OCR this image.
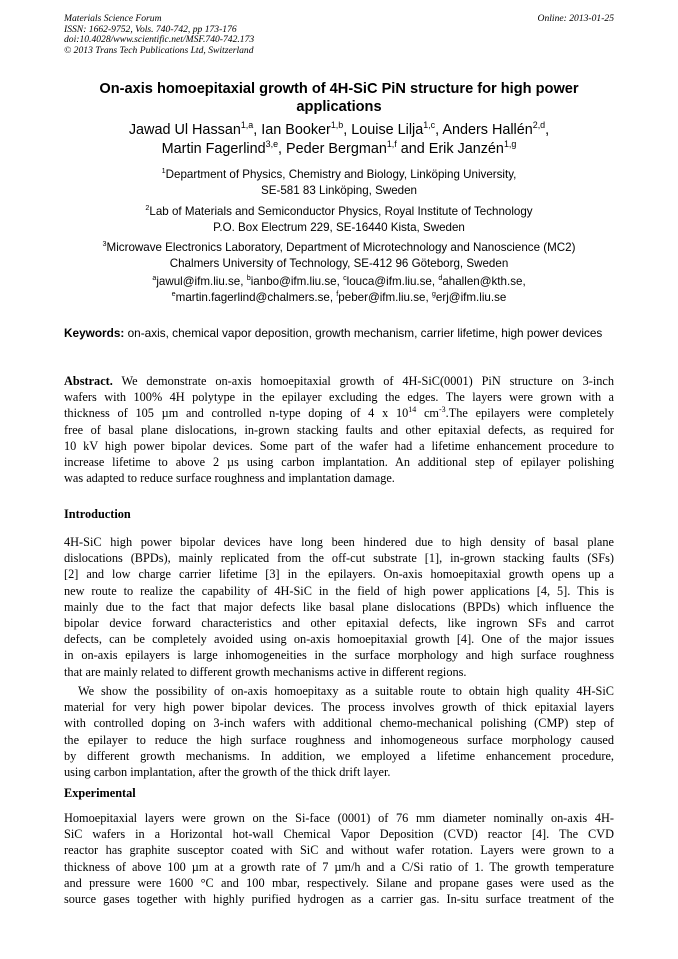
Materials Science Forum
ISSN: 1662-9752, Vols. 740-742, pp 173-176
doi:10.4028/www.scientific.net/MSF.740-742.173
© 2013 Trans Tech Publications Ltd, Switzerland
Online: 2013-01-25
On-axis homoepitaxial growth of 4H-SiC PiN structure for high power
applications
Jawad Ul Hassan$^{1,a}$, Ian Booker$^{1,b}$, Louise Lilja$^{1,c}$, Anders Hallén$^{2,d}$,
Martin Fagerlind$^{3,e}$, Peder Bergman$^{1,f}$ and Erik Janzén$^{1,g}$
$^1$Department of Physics, Chemistry and Biology, Linköping University,
SE-581 83 Linköping, Sweden
$^2$Lab of Materials and Semiconductor Physics, Royal Institute of Technology
P.O. Box Electrum 229, SE-16440 Kista, Sweden
$^3$Microwave Electronics Laboratory, Department of Microtechnology and Nanoscience (MC2)
Chalmers University of Technology, SE-412 96 Göteborg, Sweden
$^a$jawul@ifm.liu.se, $^b$ianbo@ifm.liu.se, $^c$louca@ifm.liu.se, $^d$ahallen@kth.se,
$^e$martin.fagerlind@chalmers.se, $^f$peber@ifm.liu.se, $^g$erj@ifm.liu.se
Keywords: on-axis, chemical vapor deposition, growth mechanism, carrier lifetime, high power devices
Abstract. We demonstrate on-axis homoepitaxial growth of 4H-SiC(0001) PiN structure on 3-inch
wafers with 100% 4H polytype in the epilayer excluding the edges. The layers were grown with a
thickness of 105 µm and controlled n-type doping of 4 x $10^{14}$ $cm^{-3}.The$ epilayers were completely
free of basal plane dislocations, in-grown stacking faults and other epitaxial defects, as required for
10 kV high power bipolar devices. Some part of the wafer had a lifetime enhancement procedure to
increase lifetime to above 2 µs using carbon implantation. An additional step of epilayer polishing
was adapted to reduce surface roughness and implantation damage.
Introduction
4H-SiC high power bipolar devices have long been hindered due to high density of basal plane
dislocations (BPDs), mainly replicated from the off-cut substrate [1], in-grown stacking faults (SFs)
[2] and low charge carrier lifetime [3] in the epilayers. On-axis homoepitaxial growth opens up a
new route to realize the capability of 4H-SiC in the field of high power applications [4, 5]. This is
mainly due to the fact that major defects like basal plane dislocations (BPDs) which influence the
bipolar device forward characteristics and other epitaxial defects, like ingrown SFs and carrot
defects, can be completely avoided using on-axis homoepitaxial growth [4]. One of the major issues
in on-axis epilayers is large inhomogeneities in the surface morphology and high surface roughness
that are mainly related to different growth mechanisms active in different regions.
We show the possibility of on-axis homoepitaxy as a suitable route to obtain high quality 4H-SiC
material for very high power bipolar devices. The process involves growth of thick epitaxial layers
with controlled doping on 3-inch wafers with additional chemo-mechanical polishing (CMP) step of
the epilayer to reduce the high surface roughness and inhomogeneous surface morphology caused
by different growth mechanisms. In addition, we employed a lifetime enhancement procedure,
using carbon implantation, after the growth of the thick drift layer.
Experimental
Homoepitaxial layers were grown on the Si-face (0001) of 76 mm diameter nominally on-axis 4H-
SiC wafers in a Horizontal hot-wall Chemical Vapor Deposition (CVD) reactor [4]. The CVD
reactor has graphite susceptor coated with SiC and without wafer rotation. Layers were grown to a
thickness of above 100 µm at a growth rate of 7 µm/h and a C/Si ratio of 1. The growth temperature
and pressure were 1600 °C and 100 mbar, respectively. Silane and propane gases were used as the
source gases together with highly purified hydrogen as a carrier gas. In-situ surface treatment of the
